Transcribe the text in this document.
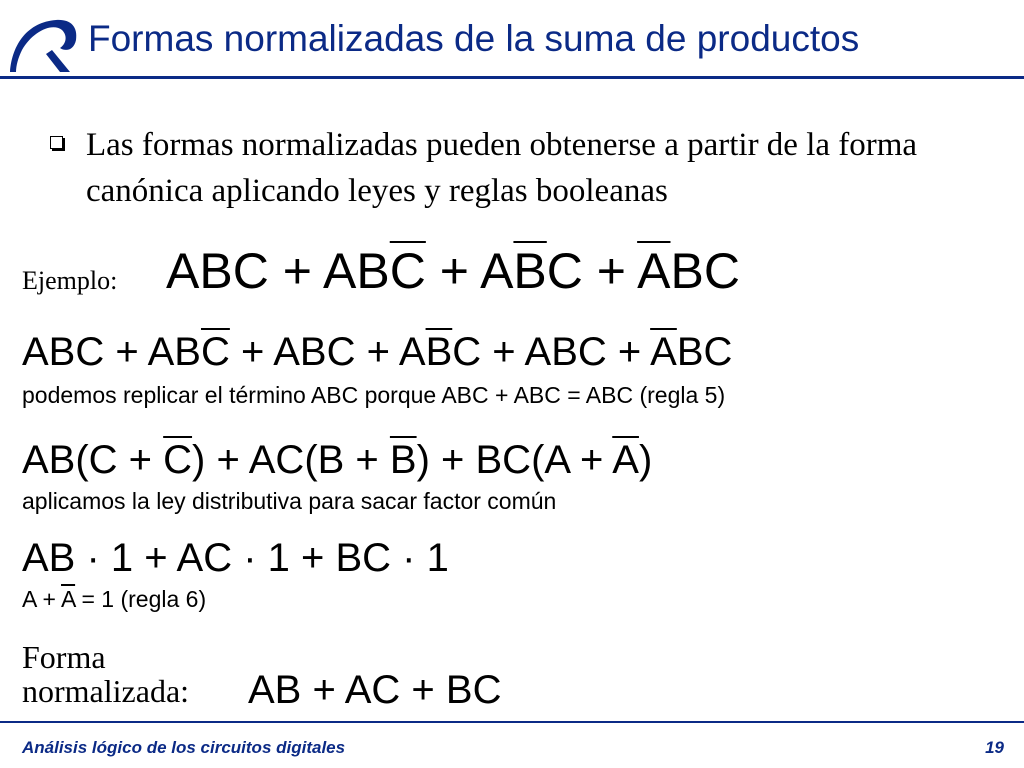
Formas normalizadas de la suma de productos
Las formas normalizadas pueden obtenerse a partir de la forma canónica aplicando leyes y reglas booleanas
Ejemplo: ABC + $AB\overline{C} + A\overline{B}C + \overline{A}BC$
ABC + $AB\overline{C}$ + ABC + $A\overline{B}C$ + ABC + $\overline{A}BC$
podemos replicar el término ABC porque ABC + ABC = ABC (regla 5)
$AB(C + \overline{C}) + AC(B + \overline{B}) + BC(A + \overline{A})$
aplicamos la ley distributiva para sacar factor común
AB · 1 + AC · 1 + BC · 1
$A + \overline{A} = 1$ (regla 6)
Forma
normalizada: AB + AC + BC
Análisis lógico de los circuitos digitales	19
